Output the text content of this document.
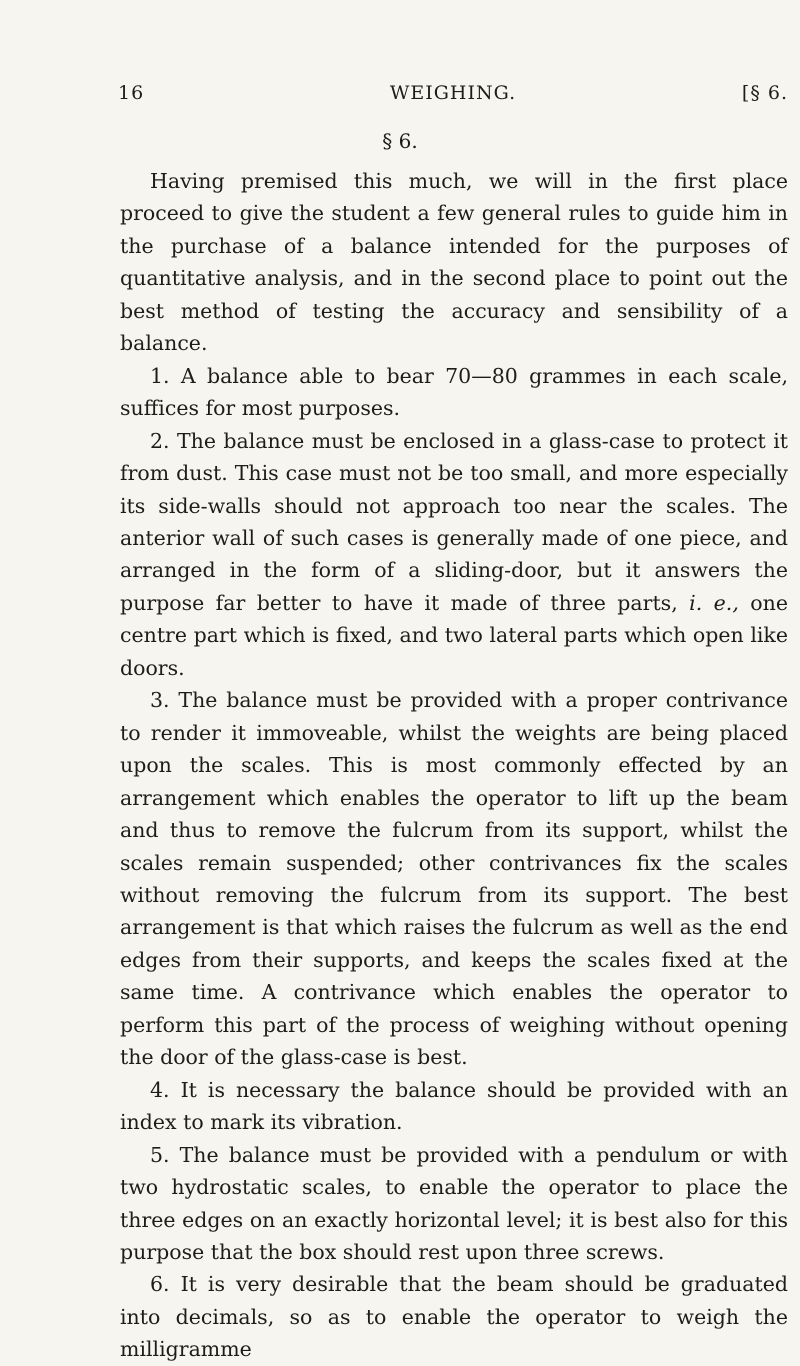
16	WEIGHING.	[§ 6.
§ 6.

Having premised this much, we will in the first place proceed to give the student a few general rules to guide him in the purchase of a balance intended for the purposes of quantitative analysis, and in the second place to point out the best method of testing the accuracy and sensibility of a balance.

1. A balance able to bear 70—80 grammes in each scale, suffices for most purposes.

2. The balance must be enclosed in a glass-case to protect it from dust. This case must not be too small, and more especially its side-walls should not approach too near the scales. The anterior wall of such cases is generally made of one piece, and arranged in the form of a sliding-door, but it answers the purpose far better to have it made of three parts, i. e., one centre part which is fixed, and two lateral parts which open like doors.

3. The balance must be provided with a proper contrivance to render it immoveable, whilst the weights are being placed upon the scales. This is most commonly effected by an arrangement which enables the operator to lift up the beam and thus to remove the fulcrum from its support, whilst the scales remain suspended; other contrivances fix the scales without removing the fulcrum from its support. The best arrangement is that which raises the fulcrum as well as the end edges from their supports, and keeps the scales fixed at the same time. A contrivance which enables the operator to perform this part of the process of weighing without opening the door of the glass-case is best.

4. It is necessary the balance should be provided with an index to mark its vibration.

5. The balance must be provided with a pendulum or with two hydrostatic scales, to enable the operator to place the three edges on an exactly horizontal level; it is best also for this purpose that the box should rest upon three screws.

6. It is very desirable that the beam should be graduated into decimals, so as to enable the operator to weigh the milligramme
